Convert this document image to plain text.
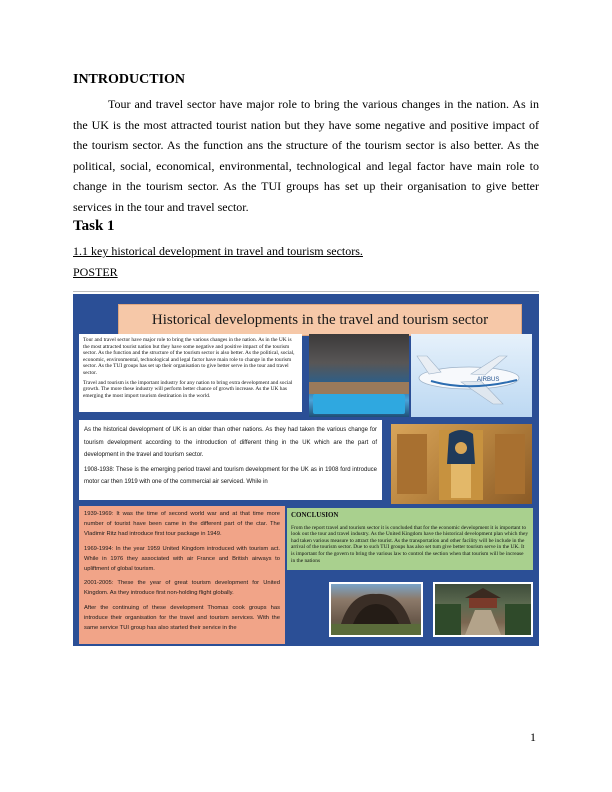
INTRODUCTION

Tour and travel sector have major role to bring the various changes in the nation. As in the UK is the most attracted tourist nation but they have some negative and positive impact of the tourism sector. As the function ans the structure of the tourism sector is also better. As the political, social, economical, environmental, technological and legal factor have main role to change in the tourism sector. As the TUI groups has set up their organisation to give better services in the tour and travel sector.

Task 1
1.1 key historical development in travel and tourism sectors.
POSTER
Historical developments in the travel and tourism sector

Tour and travel sector have major role to bring the various changes in the nation. As in the UK is the most attracted tourist nation but they have some negative and positive impact of the tourism sector. As the function and the structure of the tourism sector is also better. As the political, social, economic, environmental, technological and legal factor have main role to change in the tourism sector. As the TUI groups has set up their organisation to give better serve in the tour and travel sector.

Travel and tourism is the important industry for any nation to bring extra development and social growth. The more these industry will perform better chance of growth increase. As the UK has emerging the most import tourism destination in the world.

AIRBUS

As the historical development of UK is an older than other nations. As they had taken the various change for tourism development according to the introduction of different thing in the UK which are the part of development in the travel and tourism sector.

1908-1938: These is the emerging period travel and tourism development for the UK as in 1908 ford introduce motor car then 1919 with one of the commercial air serviced. While in

1939-1969: It was the time of second world war and at that time more number of tourist have been came in the different part of the ctar. The Vladimir Ritz had introduce first tour package in 1949.

1969-1994: In the year 1959 United Kingdom introduced with tourism act. While in 1976 they associated with air France and British airways to upliftment of global tourism.

2001-2005: These the year of great tourism development for United Kingdom. As they introduce first non-holding flight globally.

After the continuing of these development Thomas cook groups has introduce their organisation for the travel and tourism services. With the same service TUI group has also started their service in the

CONCLUSION

From the report travel and tourism sector it is concluded that for the economic development it is important to look out the tour and travel industry. As the United Kingdom have the historical development plan which they had taken various measure to attract the tourist. As the transportation and other facility will be include in the arrival of the tourism sector. Due to such TUI groups has also set tum give better tourism serve in the UK. It is important for the govern to bring the various law to control the section when that tourism will be increase in the nations

1
